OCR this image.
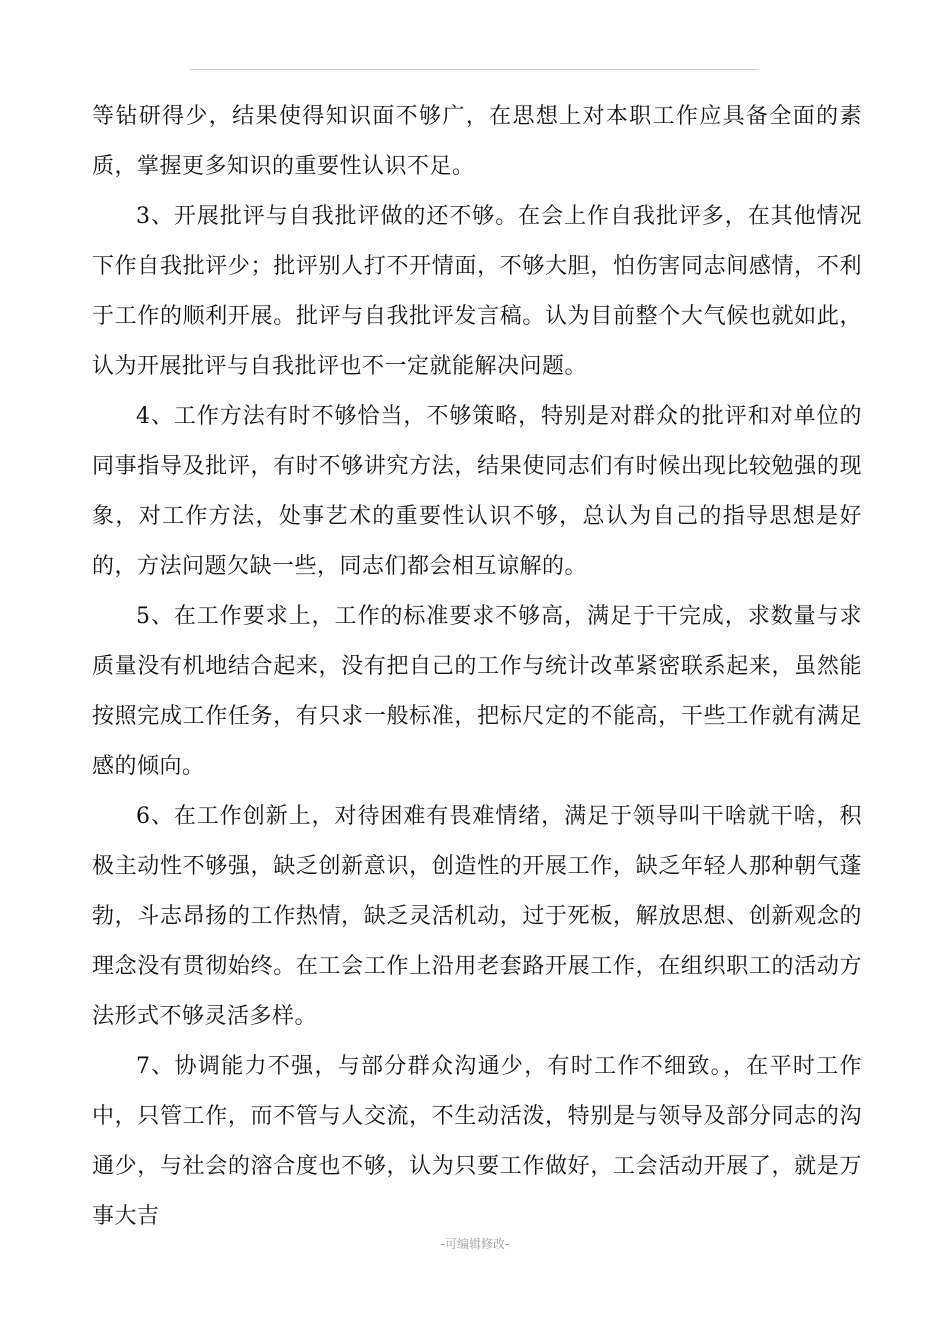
等钻研得少，结果使得知识面不够广，在思想上对本职工作应具备全面的素质，掌握更多知识的重要性认识不足。

3、开展批评与自我批评做的还不够。在会上作自我批评多，在其他情况下作自我批评少；批评别人打不开情面，不够大胆，怕伤害同志间感情，不利于工作的顺利开展。批评与自我批评发言稿。认为目前整个大气候也就如此，认为开展批评与自我批评也不一定就能解决问题。

4、工作方法有时不够恰当，不够策略，特别是对群众的批评和对单位的同事指导及批评，有时不够讲究方法，结果使同志们有时候出现比较勉强的现象，对工作方法，处事艺术的重要性认识不够，总认为自己的指导思想是好的，方法问题欠缺一些，同志们都会相互谅解的。

5、在工作要求上，工作的标准要求不够高，满足于干完成，求数量与求质量没有机地结合起来，没有把自己的工作与统计改革紧密联系起来，虽然能按照完成工作任务，有只求一般标准，把标尺定的不能高，干些工作就有满足感的倾向。

6、在工作创新上，对待困难有畏难情绪，满足于领导叫干啥就干啥，积极主动性不够强，缺乏创新意识，创造性的开展工作，缺乏年轻人那种朝气蓬勃，斗志昂扬的工作热情，缺乏灵活机动，过于死板，解放思想、创新观念的理念没有贯彻始终。在工会工作上沿用老套路开展工作，在组织职工的活动方法形式不够灵活多样。

7、协调能力不强，与部分群众沟通少，有时工作不细致。，在平时工作中，只管工作，而不管与人交流，不生动活泼，特别是与领导及部分同志的沟通少，与社会的溶合度也不够，认为只要工作做好，工会活动开展了，就是万事大吉

-可编辑修改-
